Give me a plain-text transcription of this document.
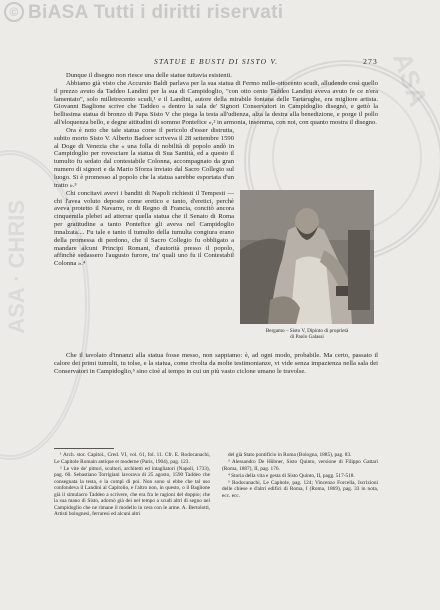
© BiASA Tutti i diritti riservati
ASA
ASA · CHRIS
STATUE E BUSTI DI SISTO V.	273

Dunque il disegno non riesce una delle statue tuttavia esistenti.

Abbiamo già visto che Accursio Baldi parlava per la sua statua di Fermo mille-ottocento scudi, alludendo così quello il prezzo avuto da Taddeo Landini per la sua di Campidoglio, "con otto cento Taddeo Landini aveva avuto fe ce n'era lamentato", solo milletrecento scudi,¹ e il Landini, autore della mirabile fontana delle Tartarughe, era migliore artista. Giovanni Baglione scrive che Taddeo « dentro la sala de' Signori Conservatori in Campidoglio disegnò, e gettò la bellissima statua di bronzo di Papa Sisto V che piega la testa all'udienza, alza la destra alla benedizione, e porge il pollo all'eloquenza bello, e degne attitudini di sommo Pontefice »,² in armonia, insomma, con noi, con quanto mostra il disegno.

Ora è noto che tale statua corse il pericolo d'esser distrutta, subito morto Sisto V. Alberto Badoer scriveva il 28 settembre 1590 al Doge di Venezia che « una folla di nobilità di popolo andò in Campidoglio per rovesciare la statua di Sua Santità, ed a questo il tumulto fu sedato dal contestabile Colonna, accompagnato da gran numero di signori e da Mario Sforza inviato dal Sacro Collegio sul luogo. Si è promesso al popolo che la statua sarebbe esportata d'un tratto ».³

Chi concitavi avevi i banditi di Napoli richiesti il Tempesti — chi l'avea voluto deposto come eretico e tanto, d'eretici, perchè aveva protetto il Navarre, re di Regno di Francia, concitò ancora cinquemila plebei ad atterrar quella statua che il Senato di Roma per gratitudine a tanto Pontefice gli aveva nel Campidoglio innalzata.... Fu tale e tanto il tumulto della tumulta congiura erano della promessa di perdono, che il Sacro Collegio fu obbligato a mandare alcuni Principi Romani, d'autorità presso il popolo, affinchè sedassero l'augusto furore, tra' quali uno fu il Contestabil Colonna ».⁴

Bergamo – Sisto V, Dipinto di proprietà
di Paolo Galassi

Che il tavolato d'innanzi alla statua fosse messo, non sappiamo: è, ad ogni modo, probabile. Ma certo, passato il calore dei primi tumulti, tu tolse, e la statua, come rivolta da molte testimonianze, vi vide senza impazienza nella sala dei Conservatori in Campidoglio,⁵ sino cioè al tempo in cui un più vasto ciclone umano le travolse.

¹ Arch. stor. Capitol., Cred. VI, vol. 61, fol. 11. Cfr. E. Rodocanachi, Le Capitole Romain antique et moderne (Paris, 1904), pag. 123.

² Le vite de' pittori, scultori, architetti ed intagliatori (Napoli, 1733), pag. 60. Sebastiano Torrigiani lavorava di 25 agosto, 1590 Taddeo che consegnata la testa, e la compì di poi. Non sono si ebbe che tal uso confondeva il Landini al Capitolio, e l'altro non, in questo, o il Baglione già il simulacro Taddeo a scrivere, che era fra le ragioni del doppio; che la sua mano di Sisto, adornò già dei nel tempo a scudi altri di segno nel Campidoglio che ne rimane il modello in cera con le arme. A. Bertolotti, Artisti bolognesi, ferraresi ed alcuni altri

del già Stato pontificio in Roma (Bologna, 1885), pag. 83.

³ Alessandro De Hübner, Sisto Quinto, versione di Filippo Gattari (Roma, 1887), II, pag. 176.

⁴ Storia della vita e gesta di Sisto Quinto, II, pagg. 517-518.

⁵ Rodocanachi, Le Capitole, pag. 124; Vincenzo Forcella, Iscrizioni delle chiese e d'altri edifici di Roma, I (Roma, 1869), pag. 33 in nota, ecc. ecc.
